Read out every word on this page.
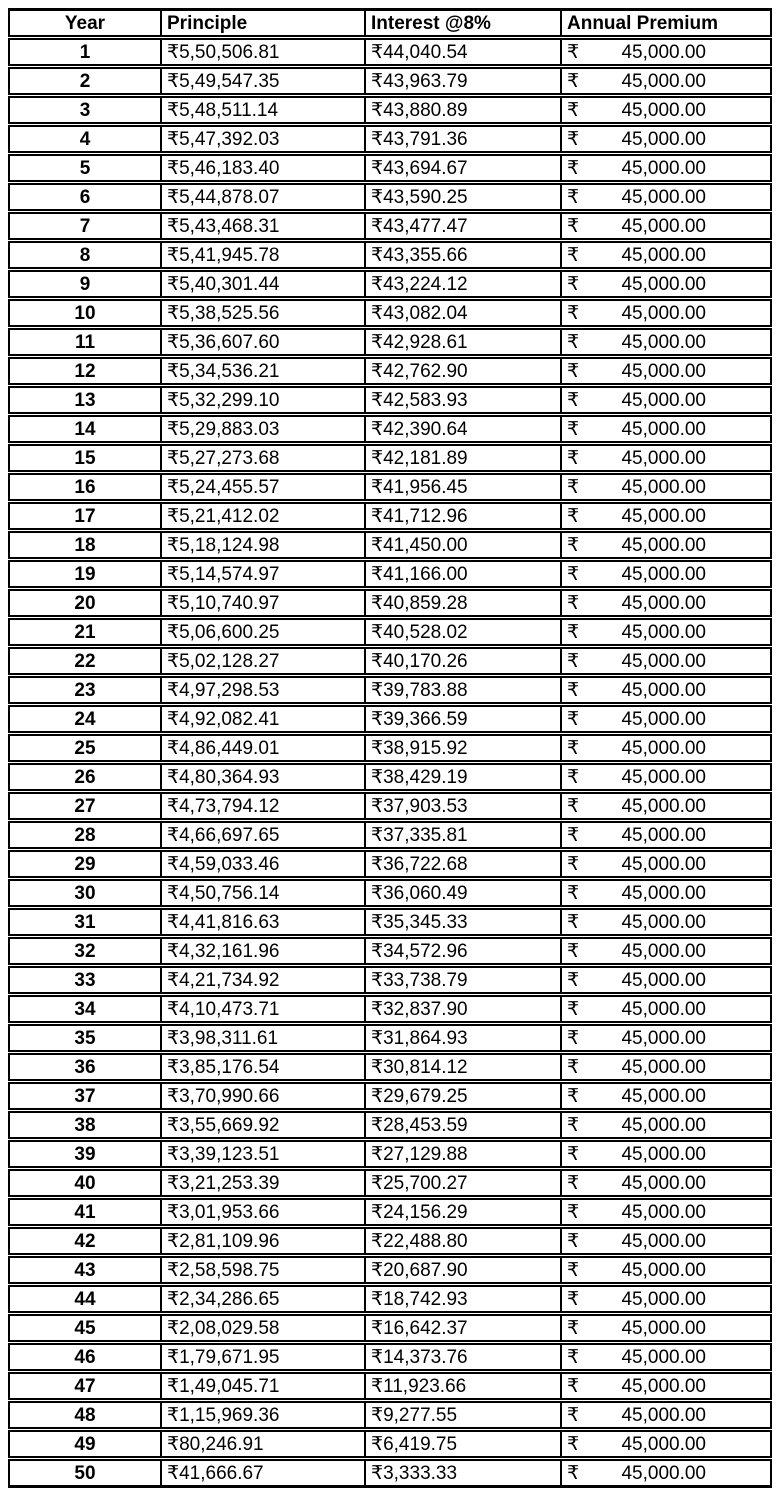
Year	Principle	Interest @8%	Annual Premium
1	₹5,50,506.81	₹44,040.54	₹ 45,000.00

2	₹5,49,547.35	₹43,963.79	₹ 45,000.00

3	₹5,48,511.14	₹43,880.89	₹ 45,000.00

4	₹5,47,392.03	₹43,791.36	₹ 45,000.00

5	₹5,46,183.40	₹43,694.67	₹ 45,000.00

6	₹5,44,878.07	₹43,590.25	₹ 45,000.00

7	₹5,43,468.31	₹43,477.47	₹ 45,000.00

8	₹5,41,945.78	₹43,355.66	₹ 45,000.00

9	₹5,40,301.44	₹43,224.12	₹ 45,000.00

10	₹5,38,525.56	₹43,082.04	₹ 45,000.00

11	₹5,36,607.60	₹42,928.61	₹ 45,000.00

12	₹5,34,536.21	₹42,762.90	₹ 45,000.00

13	₹5,32,299.10	₹42,583.93	₹ 45,000.00

14	₹5,29,883.03	₹42,390.64	₹ 45,000.00

15	₹5,27,273.68	₹42,181.89	₹ 45,000.00

16	₹5,24,455.57	₹41,956.45	₹ 45,000.00

17	₹5,21,412.02	₹41,712.96	₹ 45,000.00

18	₹5,18,124.98	₹41,450.00	₹ 45,000.00

19	₹5,14,574.97	₹41,166.00	₹ 45,000.00

20	₹5,10,740.97	₹40,859.28	₹ 45,000.00

21	₹5,06,600.25	₹40,528.02	₹ 45,000.00

22	₹5,02,128.27	₹40,170.26	₹ 45,000.00

23	₹4,97,298.53	₹39,783.88	₹ 45,000.00

24	₹4,92,082.41	₹39,366.59	₹ 45,000.00

25	₹4,86,449.01	₹38,915.92	₹ 45,000.00

26	₹4,80,364.93	₹38,429.19	₹ 45,000.00

27	₹4,73,794.12	₹37,903.53	₹ 45,000.00

28	₹4,66,697.65	₹37,335.81	₹ 45,000.00

29	₹4,59,033.46	₹36,722.68	₹ 45,000.00

30	₹4,50,756.14	₹36,060.49	₹ 45,000.00

31	₹4,41,816.63	₹35,345.33	₹ 45,000.00

32	₹4,32,161.96	₹34,572.96	₹ 45,000.00

33	₹4,21,734.92	₹33,738.79	₹ 45,000.00

34	₹4,10,473.71	₹32,837.90	₹ 45,000.00

35	₹3,98,311.61	₹31,864.93	₹ 45,000.00

36	₹3,85,176.54	₹30,814.12	₹ 45,000.00

37	₹3,70,990.66	₹29,679.25	₹ 45,000.00

38	₹3,55,669.92	₹28,453.59	₹ 45,000.00

39	₹3,39,123.51	₹27,129.88	₹ 45,000.00

40	₹3,21,253.39	₹25,700.27	₹ 45,000.00

41	₹3,01,953.66	₹24,156.29	₹ 45,000.00

42	₹2,81,109.96	₹22,488.80	₹ 45,000.00

43	₹2,58,598.75	₹20,687.90	₹ 45,000.00

44	₹2,34,286.65	₹18,742.93	₹ 45,000.00

45	₹2,08,029.58	₹16,642.37	₹ 45,000.00

46	₹1,79,671.95	₹14,373.76	₹ 45,000.00

47	₹1,49,045.71	₹11,923.66	₹ 45,000.00

48	₹1,15,969.36	₹9,277.55	₹ 45,000.00

49	₹80,246.91	₹6,419.75	₹ 45,000.00

50	₹41,666.67	₹3,333.33	₹ 45,000.00
